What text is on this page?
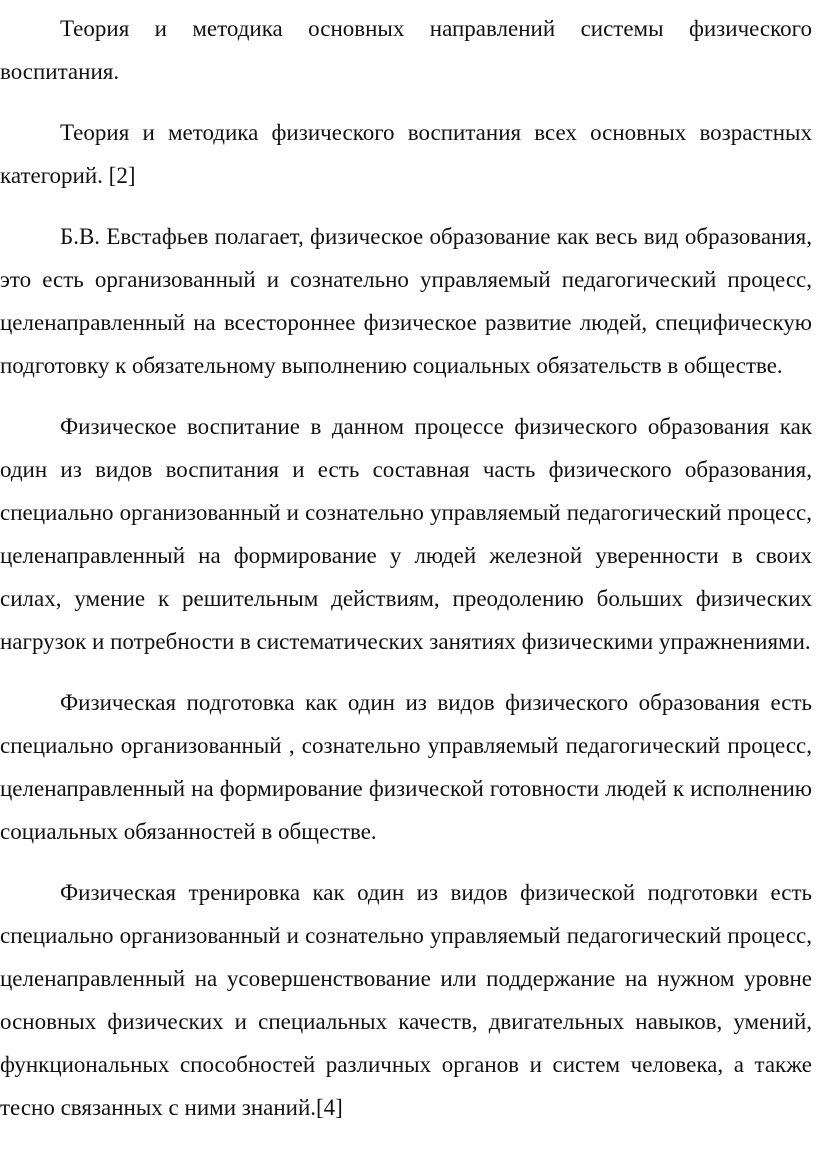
Теория и методика основных направлений системы физического воспитания.

Теория и методика физического воспитания всех основных возрастных категорий. [2]

Б.В. Евстафьев полагает, физическое образование как весь вид образования, это есть организованный и сознательно управляемый педагогический процесс, целенаправленный на всестороннее физическое развитие людей, специфическую подготовку к обязательному выполнению социальных обязательств в обществе.

Физическое воспитание в данном процессе физического образования как один из видов воспитания и есть составная часть физического образования, специально организованный и сознательно управляемый педагогический процесс, целенаправленный на формирование у людей железной уверенности в своих силах, умение к решительным действиям, преодолению больших физических нагрузок и потребности в систематических занятиях физическими упражнениями.

Физическая подготовка как один из видов физического образования есть специально организованный , сознательно управляемый педагогический процесс, целенаправленный на формирование физической готовности людей к исполнению социальных обязанностей в обществе.

Физическая тренировка как один из видов физической подготовки есть специально организованный и сознательно управляемый педагогический процесс, целенаправленный на усовершенствование или поддержание на нужном уровне основных физических и специальных качеств, двигательных навыков, умений, функциональных способностей различных органов и систем человека, а также тесно связанных с ними знаний.[4]
